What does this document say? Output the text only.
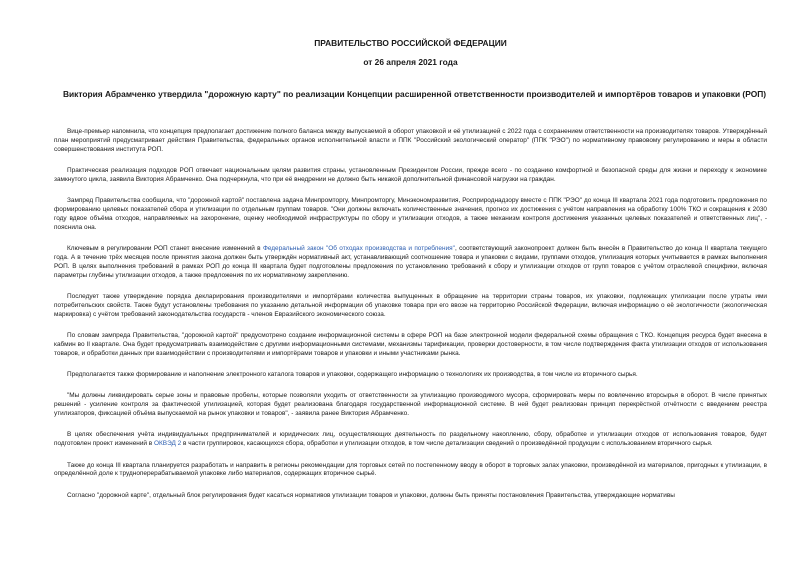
ПРАВИТЕЛЬСТВО РОССИЙСКОЙ ФЕДЕРАЦИИ

от 26 апреля 2021 года

Виктория Абрамченко утвердила "дорожную карту" по реализации Концепции расширенной ответственности производителей и импортёров товаров и упаковки (РОП)

Вице-премьер напомнила, что концепция предполагает достижение полного баланса между выпускаемой в оборот упаковкой и её утилизацией с 2022 года с сохранением ответственности на производителях товаров. Утверждённый план мероприятий предусматривает действия Правительства, федеральных органов исполнительной власти и ППК "Российский экологический оператор" (ППК "РЭО") по нормативному правовому регулированию и меры в области совершенствования института РОП.

Практическая реализация подходов РОП отвечает национальным целям развития страны, установленным Президентом России, прежде всего - по созданию комфортной и безопасной среды для жизни и переходу к экономике замкнутого цикла, заявила Виктория Абрамченко. Она подчеркнула, что при её внедрении не должно быть никакой дополнительной финансовой нагрузки на граждан.

Зампред Правительства сообщила, что "дорожной картой" поставлена задача Минпромторгу, Минпромторгу, Минэкономразвития, Росприроднадзору вместе с ППК "РЭО" до конца III квартала 2021 года подготовить предложения по формированию целевых показателей сбора и утилизации по отдельным группам товаров. "Они должны включать количественные значения, прогноз их достижения с учётом направления на обработку 100% ТКО и сокращения к 2030 году вдвое объёма отходов, направляемых на захоронение, оценку необходимой инфраструктуры по сбору и утилизации отходов, а также механизм контроля достижения указанных целевых показателей и ответственных лиц", - пояснила она.

Ключевым в регулировании РОП станет внесение изменений в Федеральный закон "Об отходах производства и потребления", соответствующий законопроект должен быть внесён в Правительство до конца II квартала текущего года. А в течение трёх месяцев после принятия закона должен быть утверждён нормативный акт, устанавливающий соотношение товара и упаковки с видами, группами отходов, утилизация которых учитывается в рамках выполнения РОП. В целях выполнения требований в рамках РОП до конца III квартала будет подготовлены предложения по установлению требований к сбору и утилизации отходов от групп товаров с учётом отраслевой специфики, включая параметры глубины утилизации отходов, а также предложения по их нормативному закреплению.

Последует также утверждение порядка декларирования производителями и импортёрами количества выпущенных в обращение на территории страны товаров, их упаковки, подлежащих утилизации после утраты ими потребительских свойств. Также будут установлены требования по указанию детальной информации об упаковке товара при его ввозе на территорию Российской Федерации, включая информацию о её экологичности (экологическая маркировка) с учётом требований законодательства государств - членов Евразийского экономического союза.

По словам зампреда Правительства, "дорожной картой" предусмотрено создание информационной системы в сфере РОП на базе электронной модели федеральной схемы обращения с ТКО. Концепция ресурса будет внесена в кабмин во II квартале. Она будет предусматривать взаимодействие с другими информационными системами, механизмы тарификации, проверки достоверности, в том числе подтверждения факта утилизации отходов от использования товаров, и обработки данных при взаимодействии с производителями и импортёрами товаров и упаковки и иными участниками рынка.

Предполагается также формирование и наполнение электронного каталога товаров и упаковки, содержащего информацию о технологиях их производства, в том числе из вторичного сырья.

"Мы должны ликвидировать серые зоны и правовые пробелы, которые позволяли уходить от ответственности за утилизацию производимого мусора, сформировать меры по вовлечению вторсырья в оборот. В числе принятых решений - усиление контроля за фактической утилизацией, которая будет реализована благодаря государственной информационной системе. В ней будет реализован принцип перекрёстной отчётности с введением реестра утилизаторов, фиксацией объёма выпускаемой на рынок упаковки и товаров", - заявила ранее Виктория Абрамченко.

В целях обеспечения учёта индивидуальных предпринимателей и юридических лиц, осуществляющих деятельность по раздельному накоплению, сбору, обработке и утилизации отходов от использования товаров, будет подготовлен проект изменений в ОКВЭД 2 в части группировок, касающихся сбора, обработки и утилизации отходов, в том числе детализации сведений о произведённой продукции с использованием вторичного сырья.

Также до конца III квартала планируется разработать и направить в регионы рекомендации для торговых сетей по постепенному вводу в оборот в торговых залах упаковки, произведённой из материалов, пригодных к утилизации, в определённой доле к трудноперерабатываемой упаковке либо материалов, содержащих вторичное сырьё.

Согласно "дорожной карте", отдельный блок регулирования будет касаться нормативов утилизации товаров и упаковки, должны быть приняты постановления Правительства, утверждающие нормативы
